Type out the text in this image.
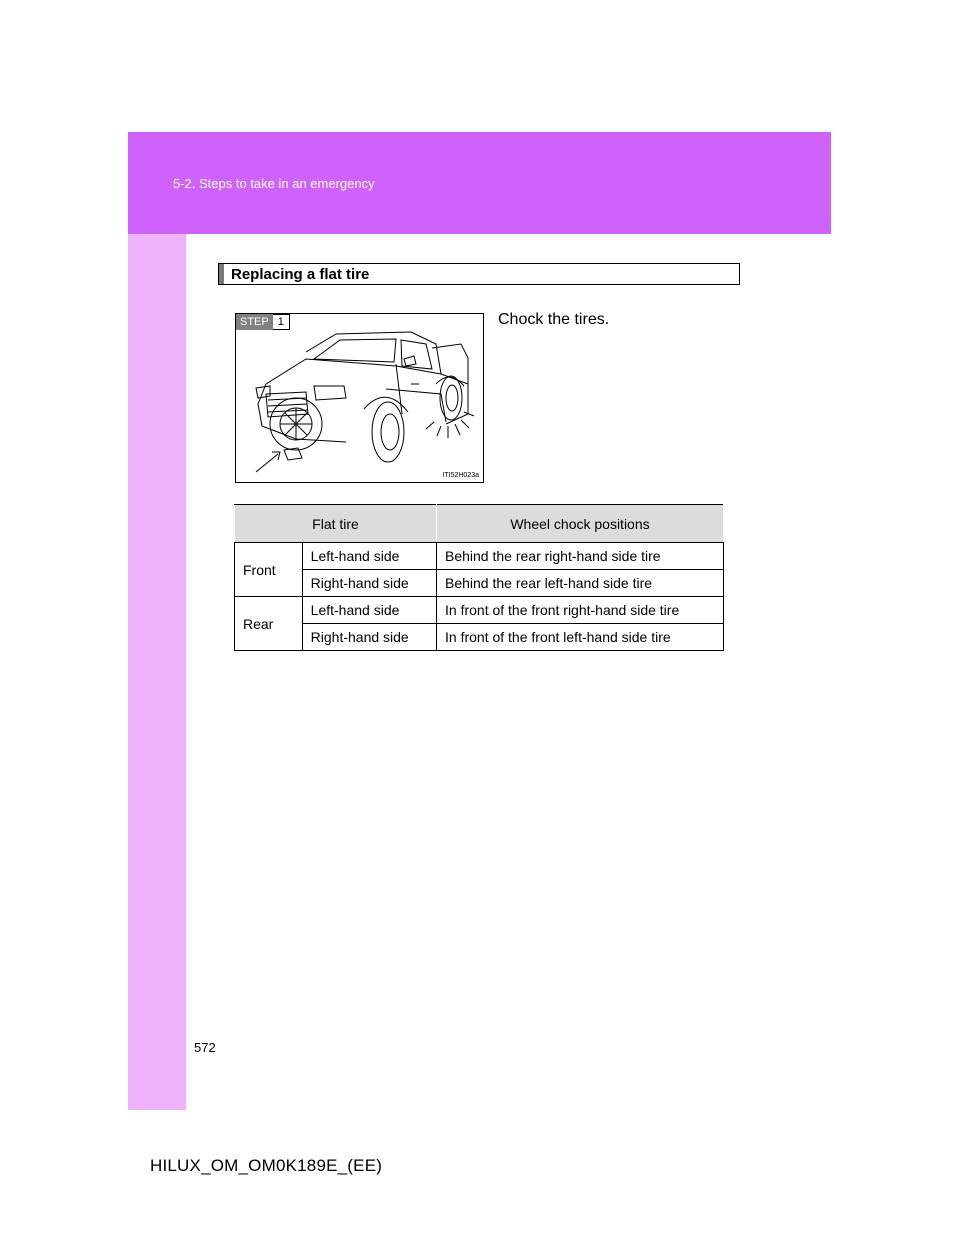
5-2. Steps to take in an emergency
Replacing a flat tire
STEP 1
ITI52H023a
Chock the tires.
Flat tire		Wheel chock positions
Front	Left-hand side	Behind the rear right-hand side tire
	Right-hand side	Behind the rear left-hand side tire
Rear	Left-hand side	In front of the front right-hand side tire
	Right-hand side	In front of the front left-hand side tire
572
HILUX_OM_OM0K189E_(EE)
